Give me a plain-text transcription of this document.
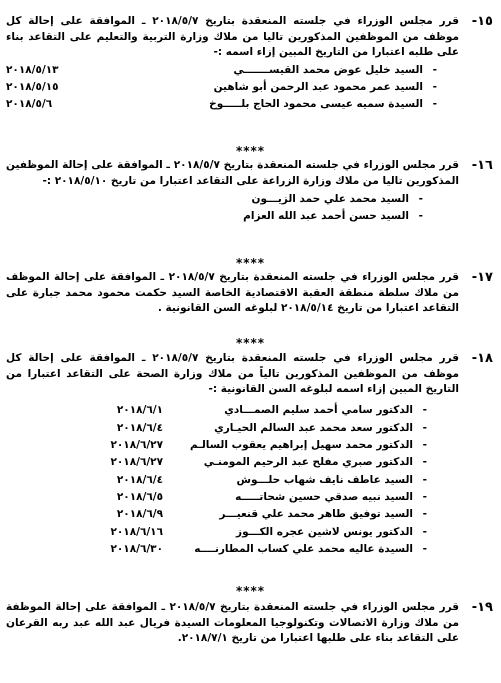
-١٥
قرر مجلس الوزراء في جلسته المنعقدة بتاريخ ٢٠١٨/٥/٧ ـ الموافقة على إحالة كل موظف من الموظفين المذكورين تاليا من ملاك وزارة التربية والتعليم على التقاعد بناء على طلبه اعتبارا من التاريخ المبين إزاء اسمه :-
-
السيد خليل عوض محمد القيســـــــي
٢٠١٨/٥/١٣
-
السيد عمر محمود عبد الرحمن أبو شاهين
٢٠١٨/٥/١٥
-
السيدة سميه عيسى محمود الحاج بلـــــوخ
٢٠١٨/٥/٦
****
-١٦
قرر مجلس الوزراء في جلسته المنعقدة بتاريخ ٢٠١٨/٥/٧ ـ الموافقة على إحالة الموظفين المذكورين تاليا من ملاك وزارة الزراعة على التقاعد اعتبارا من تاريخ ٢٠١٨/٥/١٠ :-
-
السيد محمد علي حمد الزيـــون
-
السيد حسن أحمد عبد الله العزام
****
-١٧
قرر مجلس الوزراء في جلسته المنعقدة بتاريخ ٢٠١٨/٥/٧ ـ الموافقة على إحالة الموظف من ملاك سلطة منطقة العقبة الاقتصادية الخاصة السيد حكمت محمود محمد جبارة على التقاعد اعتبارا من تاريخ ٢٠١٨/٥/١٤ لبلوغه السن القانونية .
****
-١٨
قرر مجلس الوزراء في جلسته المنعقدة بتاريخ ٢٠١٨/٥/٧ ـ الموافقة على إحالة كل موظف من الموظفين المذكورين تالياً من ملاك وزارة الصحة على التقاعد اعتبارا من التاريخ المبين إزاء اسمه لبلوغه السن القانونية :-
-
الدكتور سامي أحمد سليم الصمـــادي
٢٠١٨/٦/١
-
الدكتور سعد محمد عبد السالم الحيـاري
٢٠١٨/٦/٤
-
الدكتور محمد سهيل إبراهيم يعقوب السالـم
٢٠١٨/٦/٢٧
-
الدكتور صبري مفلح عبد الرحيم المومنـي
٢٠١٨/٦/٢٧
-
السيد عاطف نايف شهاب حلـــوش
٢٠١٨/٦/٤
-
السيد نبيه صدقي حسين شحاتـــــه
٢٠١٨/٦/٥
-
السيد توفيق طاهر محمد علي قنعيـــر
٢٠١٨/٦/٩
-
الدكتور يونس لاشين عجره الكـــوز
٢٠١٨/٦/١٦
-
السيدة عاليه محمد علي كساب المطارنــــه
٢٠١٨/٦/٣٠
****
-١٩
قرر مجلس الوزراء في جلسته المنعقدة بتاريخ ٢٠١٨/٥/٧ ـ الموافقة على إحالة الموظفة من ملاك وزارة الاتصالات وتكنولوجيا المعلومات السيدة فريال عبد الله عبد ربه القرعان على التقاعد بناء على طلبها اعتبارا من تاريخ ٢٠١٨/٧/١.
